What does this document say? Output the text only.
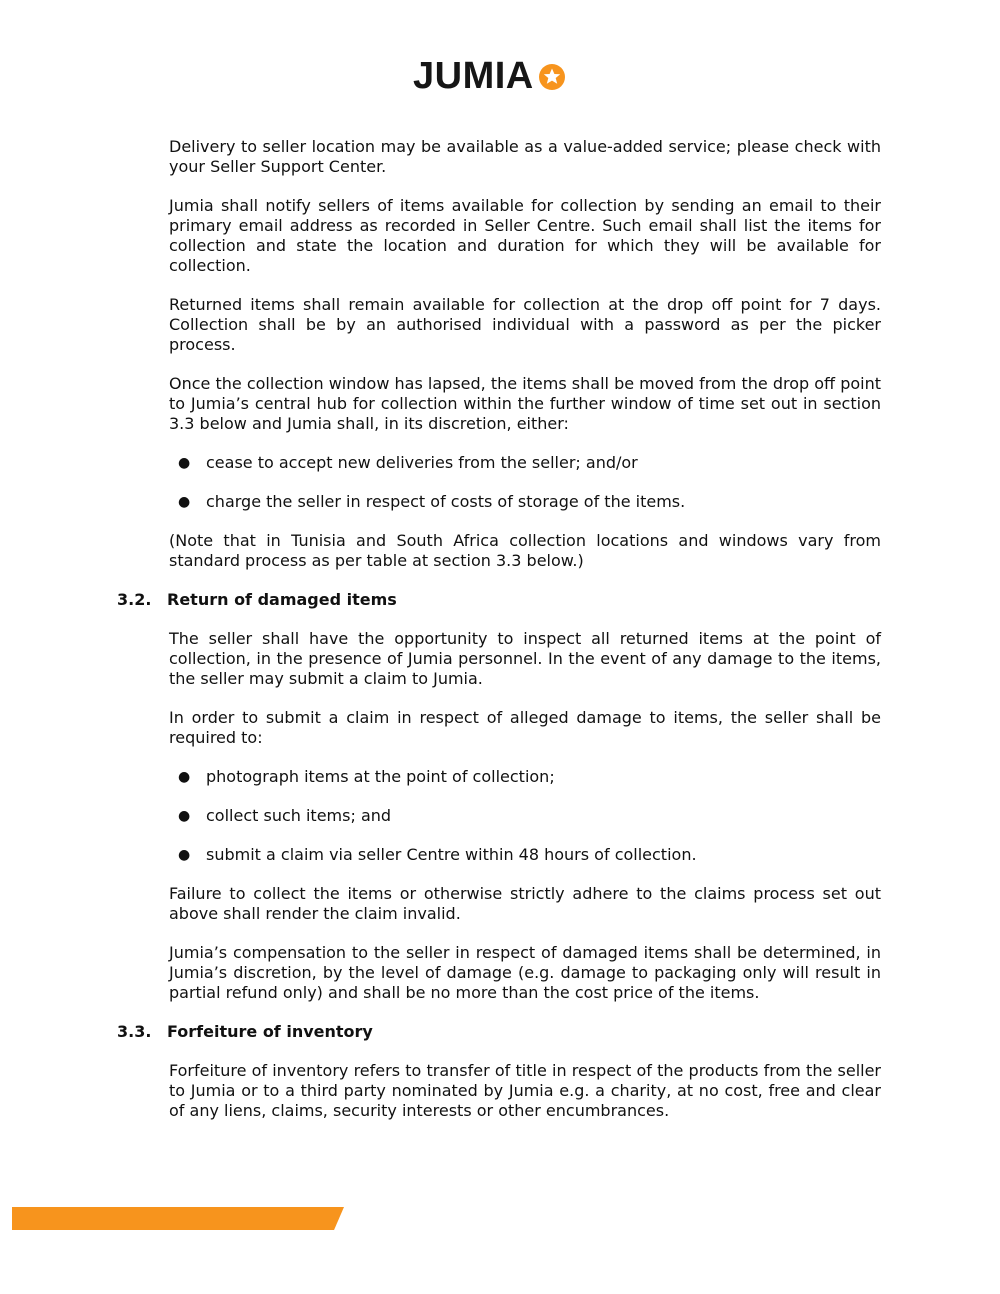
JUMIA

Delivery to seller location may be available as a value-added service; please check with your Seller Support Center.

Jumia shall notify sellers of items available for collection by sending an email to their primary email address as recorded in Seller Centre. Such email shall list the items for collection and state the location and duration for which they will be available for collection.

Returned items shall remain available for collection at the drop off point for 7 days. Collection shall be by an authorised individual with a password as per the picker process.

Once the collection window has lapsed, the items shall be moved from the drop off point to Jumia’s central hub for collection within the further window of time set out in section 3.3 below and Jumia shall, in its discretion, either:

● cease to accept new deliveries from the seller; and/or
● charge the seller in respect of costs of storage of the items.

(Note that in Tunisia and South Africa collection locations and windows vary from standard process as per table at section 3.3 below.)

3.2. Return of damaged items

The seller shall have the opportunity to inspect all returned items at the point of collection, in the presence of Jumia personnel. In the event of any damage to the items, the seller may submit a claim to Jumia.

In order to submit a claim in respect of alleged damage to items, the seller shall be required to:

● photograph items at the point of collection;
● collect such items; and
● submit a claim via seller Centre within 48 hours of collection.

Failure to collect the items or otherwise strictly adhere to the claims process set out above shall render the claim invalid.

Jumia’s compensation to the seller in respect of damaged items shall be determined, in Jumia’s discretion, by the level of damage (e.g. damage to packaging only will result in partial refund only) and shall be no more than the cost price of the items.

3.3. Forfeiture of inventory

Forfeiture of inventory refers to transfer of title in respect of the products from the seller to Jumia or to a third party nominated by Jumia e.g. a charity, at no cost, free and clear of any liens, claims, security interests or other encumbrances.
